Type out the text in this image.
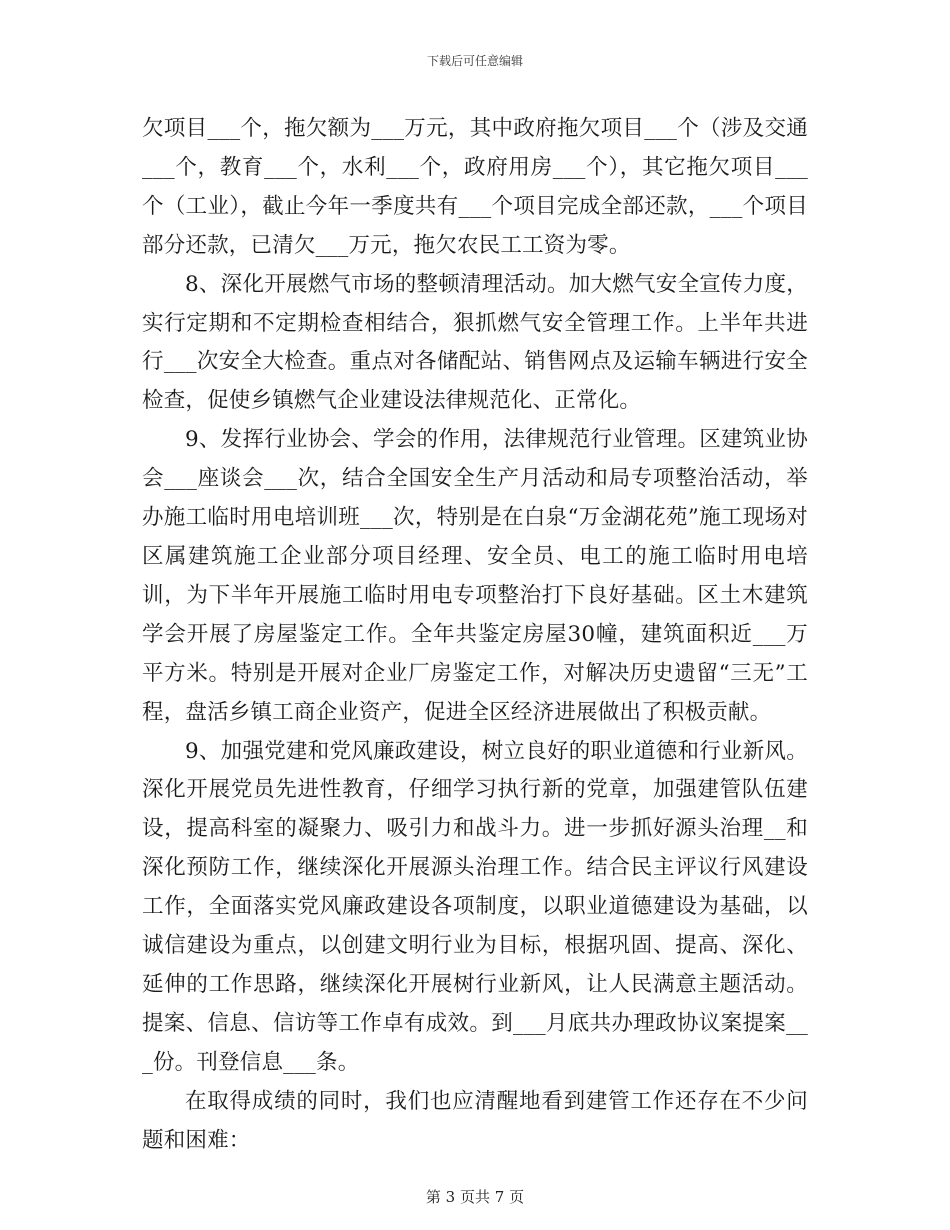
下载后可任意编辑

欠项目___个，拖欠额为___万元，其中政府拖欠项目___个（涉及交通___个，教育___个，水利___个，政府用房___个），其它拖欠项目___个（工业），截止今年一季度共有___个项目完成全部还款，___个项目部分还款，已清欠___万元，拖欠农民工工资为零。

8、深化开展燃气市场的整顿清理活动。加大燃气安全宣传力度，实行定期和不定期检查相结合，狠抓燃气安全管理工作。上半年共进行___次安全大检查。重点对各储配站、销售网点及运输车辆进行安全检查，促使乡镇燃气企业建设法律规范化、正常化。

9、发挥行业协会、学会的作用，法律规范行业管理。区建筑业协会___座谈会___次，结合全国安全生产月活动和局专项整治活动，举办施工临时用电培训班___次，特别是在白泉“万金湖花苑”施工现场对区属建筑施工企业部分项目经理、安全员、电工的施工临时用电培训，为下半年开展施工临时用电专项整治打下良好基础。区土木建筑学会开展了房屋鉴定工作。全年共鉴定房屋30幢，建筑面积近___万平方米。特别是开展对企业厂房鉴定工作，对解决历史遗留“三无”工程，盘活乡镇工商企业资产，促进全区经济进展做出了积极贡献。

9、加强党建和党风廉政建设，树立良好的职业道德和行业新风。深化开展党员先进性教育，仔细学习执行新的党章，加强建管队伍建设，提高科室的凝聚力、吸引力和战斗力。进一步抓好源头治理__和深化预防工作，继续深化开展源头治理工作。结合民主评议行风建设工作，全面落实党风廉政建设各项制度，以职业道德建设为基础，以诚信建设为重点，以创建文明行业为目标，根据巩固、提高、深化、延伸的工作思路，继续深化开展树行业新风，让人民满意主题活动。提案、信息、信访等工作卓有成效。到___月底共办理政协议案提案___份。刊登信息___条。

在取得成绩的同时，我们也应清醒地看到建管工作还存在不少问题和困难：

第 3 页共 7 页
